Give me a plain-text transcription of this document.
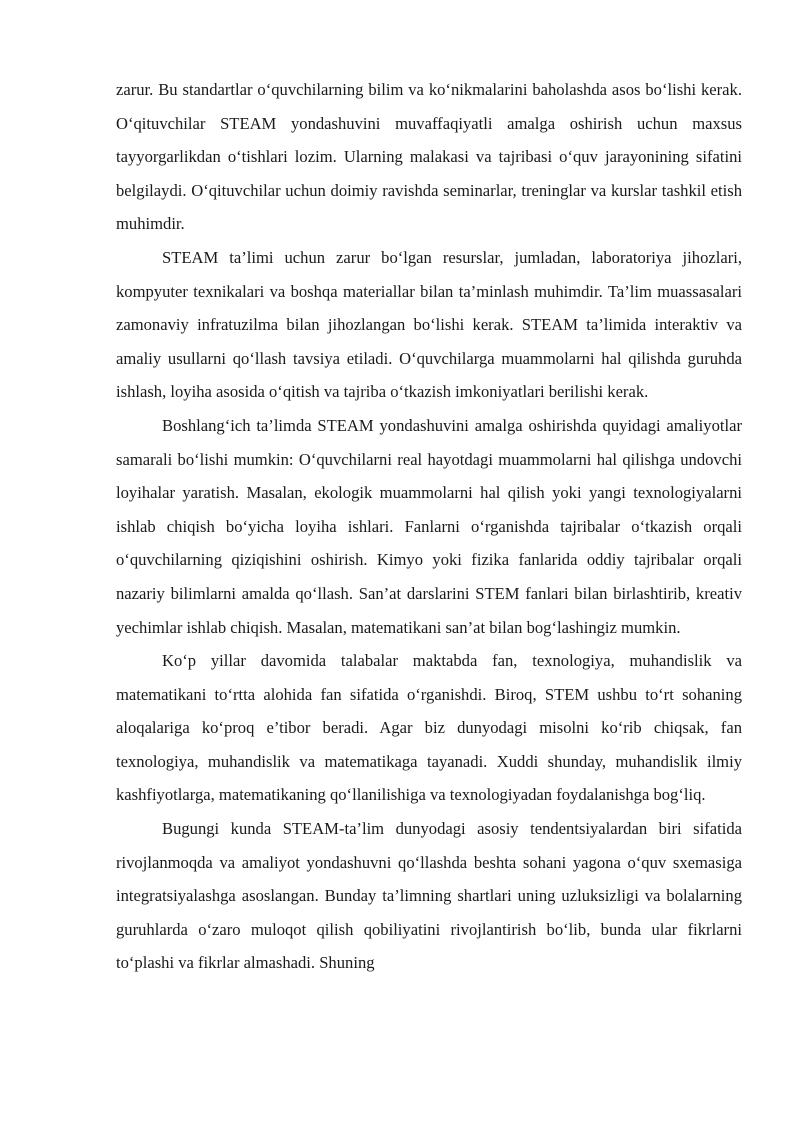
zarur. Bu standartlar o‘quvchilarning bilim va ko‘nikmalarini baholashda asos bo‘lishi kerak. O‘qituvchilar STEAM yondashuvini muvaffaqiyatli amalga oshirish uchun maxsus tayyorgarlikdan o‘tishlari lozim. Ularning malakasi va tajribasi o‘quv jarayonining sifatini belgilaydi. O‘qituvchilar uchun doimiy ravishda seminarlar, treninglar va kurslar tashkil etish muhimdir.

STEAM ta’limi uchun zarur bo‘lgan resurslar, jumladan, laboratoriya jihozlari, kompyuter texnikalari va boshqa materiallar bilan ta’minlash muhimdir. Ta’lim muassasalari zamonaviy infratuzilma bilan jihozlangan bo‘lishi kerak. STEAM ta’limida interaktiv va amaliy usullarni qo‘llash tavsiya etiladi. O‘quvchilarga muammolarni hal qilishda guruhda ishlash, loyiha asosida o‘qitish va tajriba o‘tkazish imkoniyatlari berilishi kerak.

Boshlang‘ich ta’limda STEAM yondashuvini amalga oshirishda quyidagi amaliyotlar samarali bo‘lishi mumkin: O‘quvchilarni real hayotdagi muammolarni hal qilishga undovchi loyihalar yaratish. Masalan, ekologik muammolarni hal qilish yoki yangi texnologiyalarni ishlab chiqish bo‘yicha loyiha ishlari. Fanlarni o‘rganishda tajribalar o‘tkazish orqali o‘quvchilarning qiziqishini oshirish. Kimyo yoki fizika fanlarida oddiy tajribalar orqali nazariy bilimlarni amalda qo‘llash. San’at darslarini STEM fanlari bilan birlashtirib, kreativ yechimlar ishlab chiqish. Masalan, matematikani san’at bilan bog‘lashingiz mumkin.

Ko‘p yillar davomida talabalar maktabda fan, texnologiya, muhandislik va matematikani to‘rtta alohida fan sifatida o‘rganishdi. Biroq, STEM ushbu to‘rt sohaning aloqalariga ko‘proq e’tibor beradi. Agar biz dunyodagi misolni ko‘rib chiqsak, fan texnologiya, muhandislik va matematikaga tayanadi. Xuddi shunday, muhandislik ilmiy kashfiyotlarga, matematikaning qo‘llanilishiga va texnologiyadan foydalanishga bog‘liq.

Bugungi kunda STEAM-ta’lim dunyodagi asosiy tendentsiyalardan biri sifatida rivojlanmoqda va amaliyot yondashuvni qo‘llashda beshta sohani yagona o‘quv sxemasiga integratsiyalashga asoslangan. Bunday ta’limning shartlari uning uzluksizligi va bolalarning guruhlarda o‘zaro muloqot qilish qobiliyatini rivojlantirish bo‘lib, bunda ular fikrlarni to‘plashi va fikrlar almashadi. Shuning
